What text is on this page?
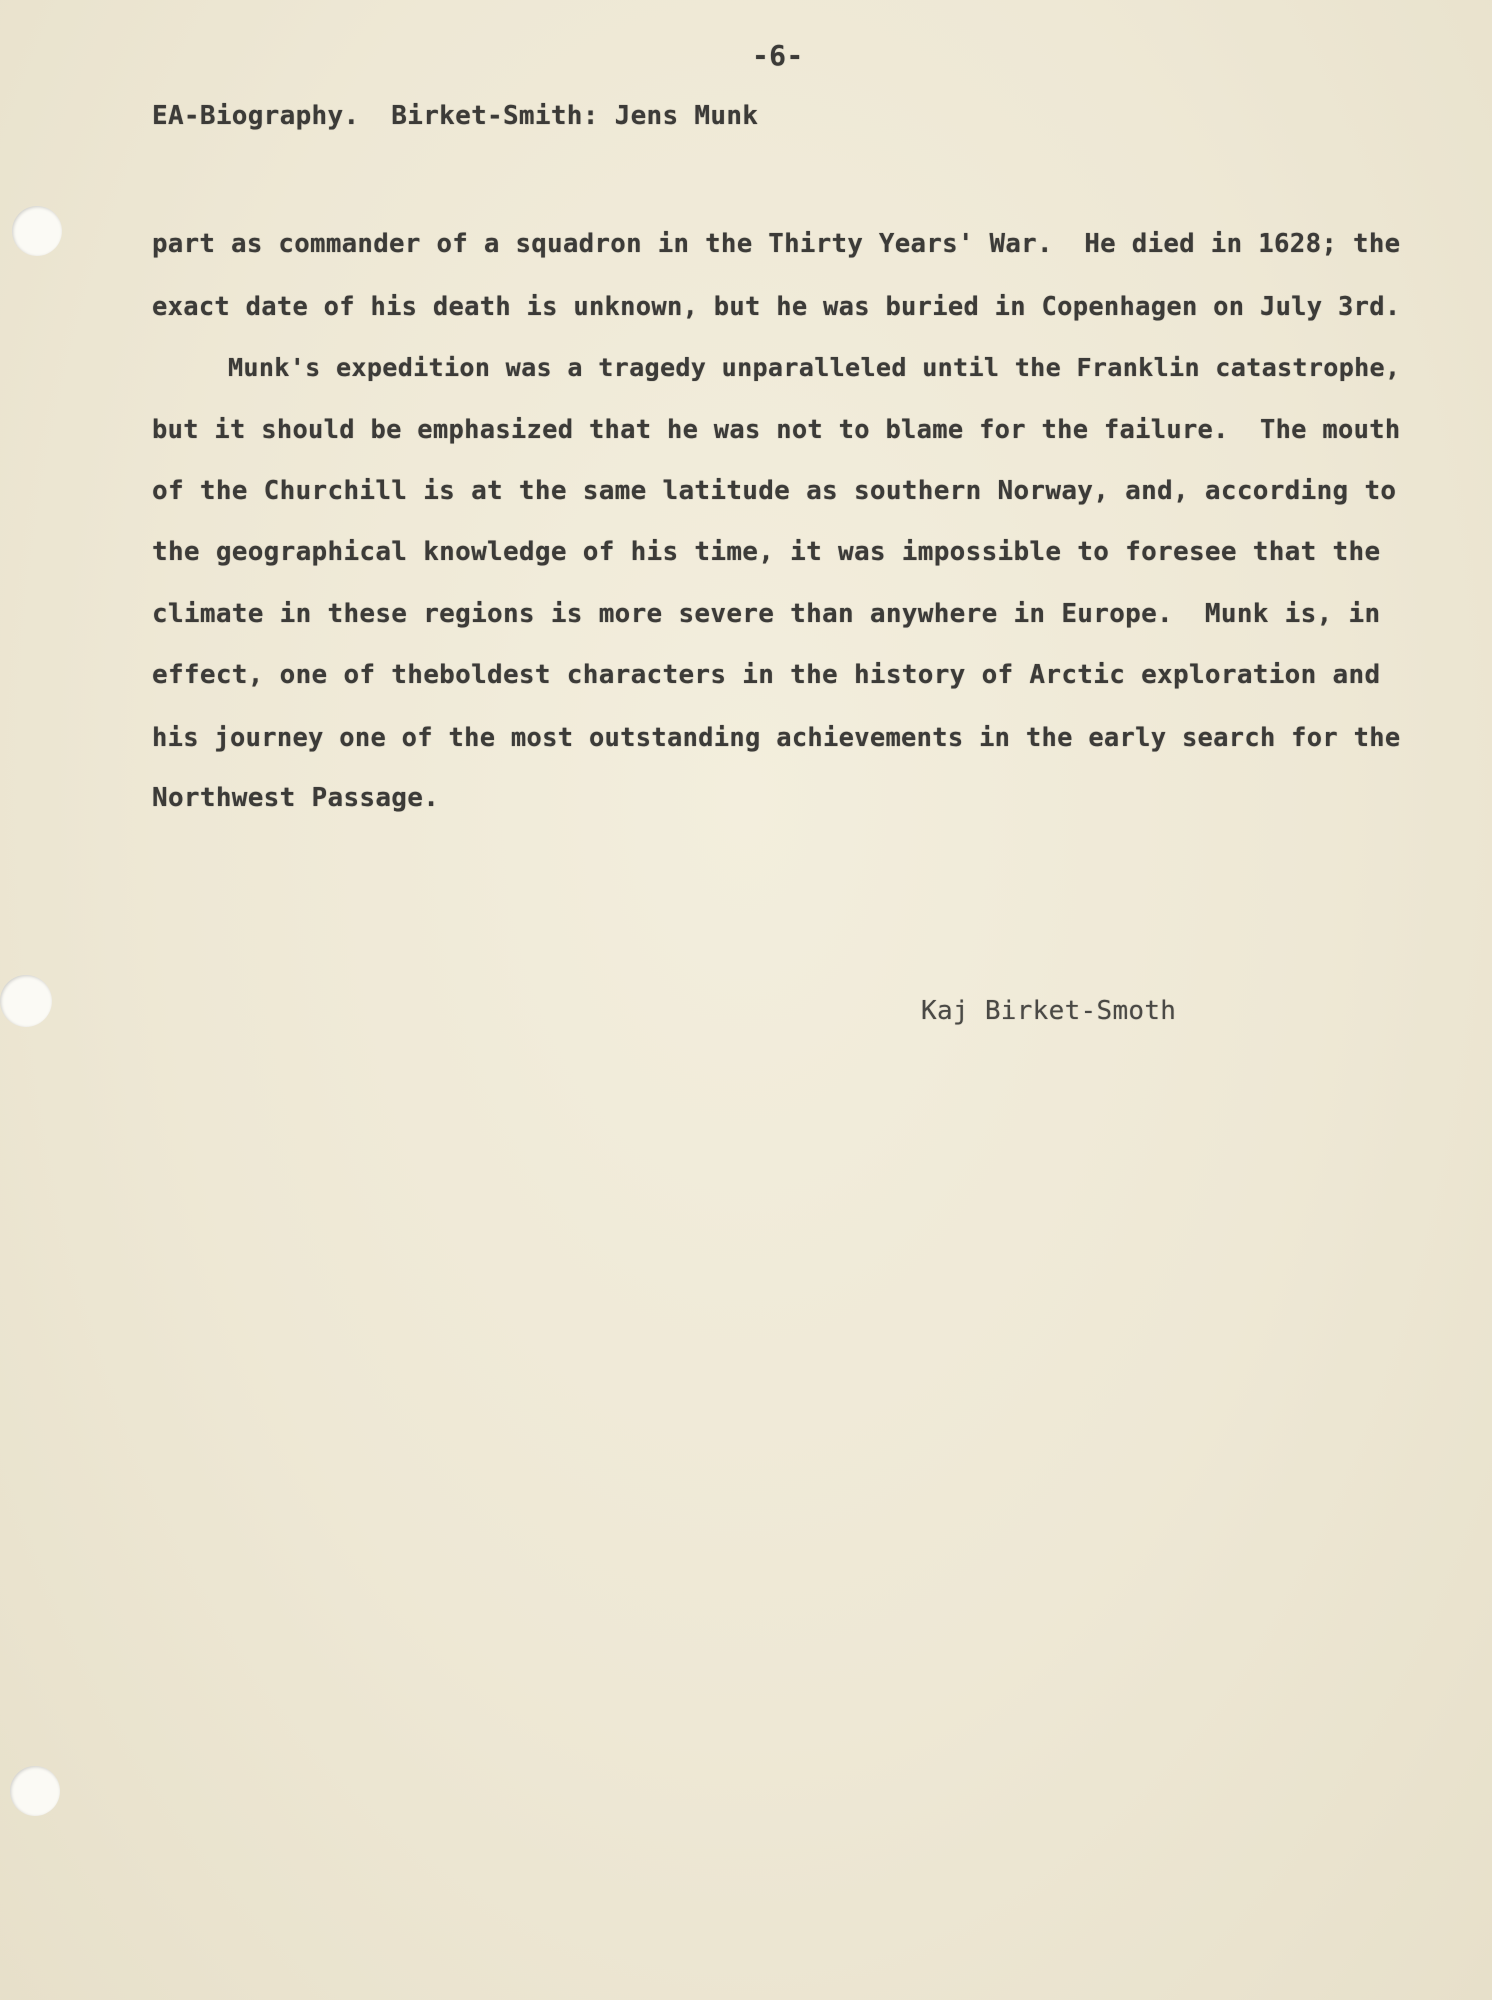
-6-

EA-Biography.  Birket-Smith: Jens Munk

part as commander of a squadron in the Thirty Years' War.  He died in 1628; the

exact date of his death is unknown, but he was buried in Copenhagen on July 3rd.

Munk's expedition was a tragedy unparalleled until the Franklin catastrophe,

but it should be emphasized that he was not to blame for the failure.  The mouth

of the Churchill is at the same latitude as southern Norway, and, according to

the geographical knowledge of his time, it was impossible to foresee that the

climate in these regions is more severe than anywhere in Europe.  Munk is, in

effect, one of theboldest characters in the history of Arctic exploration and

his journey one of the most outstanding achievements in the early search for the

Northwest Passage.

Kaj Birket-Smoth
